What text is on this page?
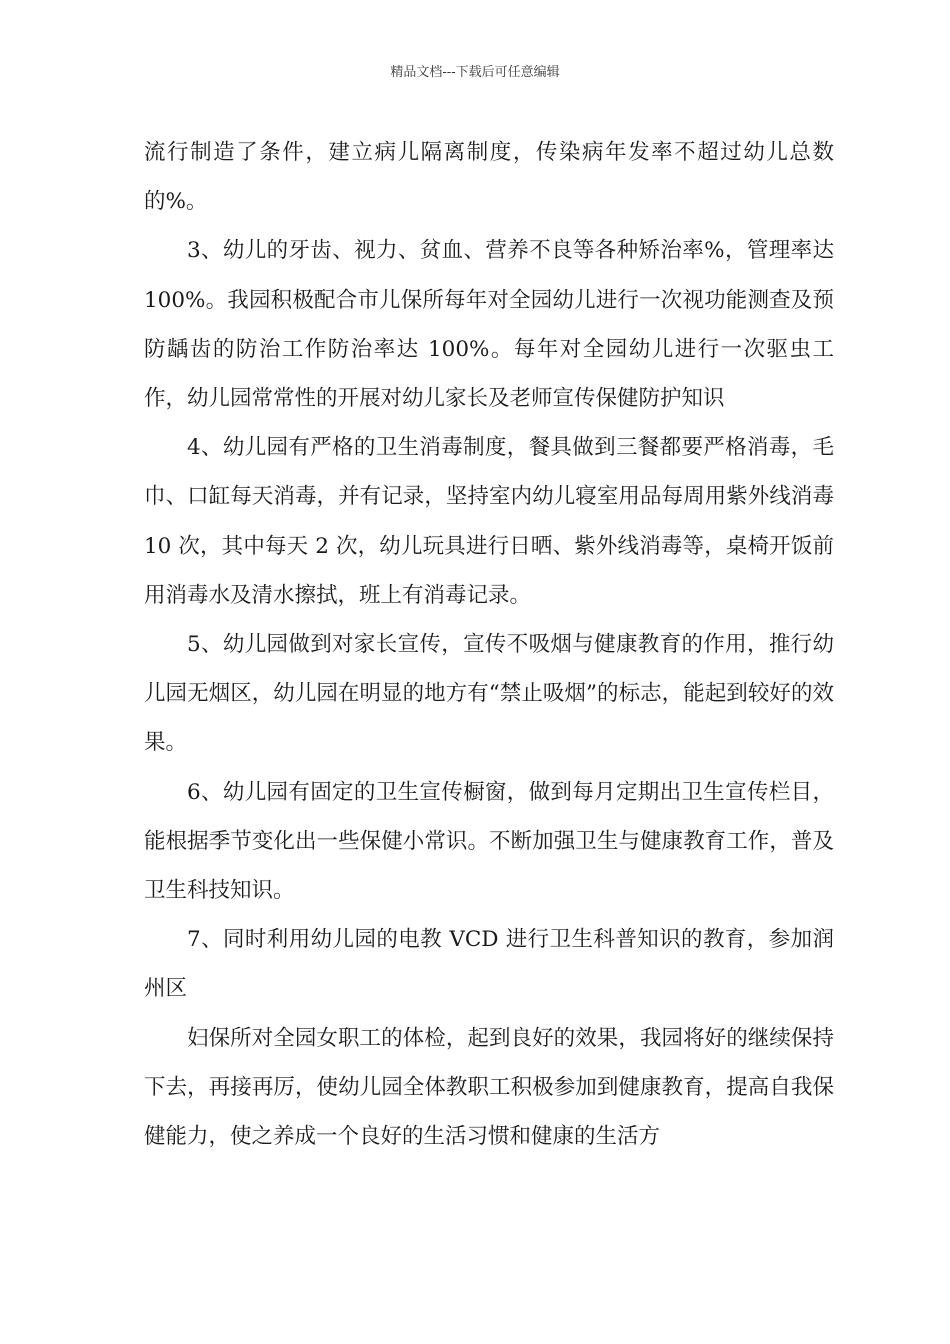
精品文档---下载后可任意编辑

流行制造了条件，建立病儿隔离制度，传染病年发率不超过幼儿总数的%。

3、幼儿的牙齿、视力、贫血、营养不良等各种矫治率%，管理率达 100%。我园积极配合市儿保所每年对全园幼儿进行一次视功能测查及预防龋齿的防治工作防治率达 100%。每年对全园幼儿进行一次驱虫工作，幼儿园常常性的开展对幼儿家长及老师宣传保健防护知识

4、幼儿园有严格的卫生消毒制度，餐具做到三餐都要严格消毒，毛巾、口缸每天消毒，并有记录，坚持室内幼儿寝室用品每周用紫外线消毒 10 次，其中每天 2 次，幼儿玩具进行日晒、紫外线消毒等，桌椅开饭前用消毒水及清水擦拭，班上有消毒记录。

5、幼儿园做到对家长宣传，宣传不吸烟与健康教育的作用，推行幼儿园无烟区，幼儿园在明显的地方有“禁止吸烟”的标志，能起到较好的效果。

6、幼儿园有固定的卫生宣传橱窗，做到每月定期出卫生宣传栏目，能根据季节变化出一些保健小常识。不断加强卫生与健康教育工作，普及卫生科技知识。

7、同时利用幼儿园的电教 VCD 进行卫生科普知识的教育，参加润州区

妇保所对全园女职工的体检，起到良好的效果，我园将好的继续保持下去，再接再厉，使幼儿园全体教职工积极参加到健康教育，提高自我保健能力，使之养成一个良好的生活习惯和健康的生活方
